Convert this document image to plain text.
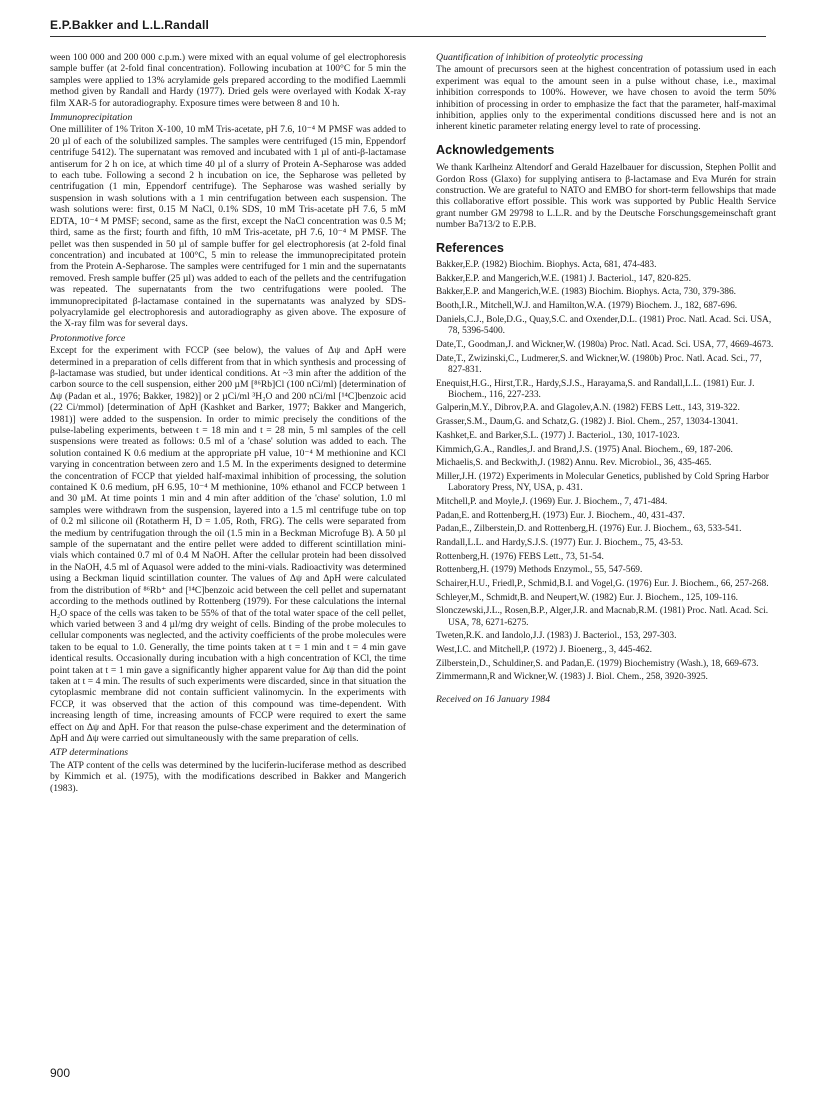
E.P.Bakker and L.L.Randall

ween 100 000 and 200 000 c.p.m.) were mixed with an equal volume of gel electrophoresis sample buffer (at 2-fold final concentration). Following incubation at 100°C for 5 min the samples were applied to 13% acrylamide gels prepared according to the modified Laemmli method given by Randall and Hardy (1977). Dried gels were overlayed with Kodak X-ray film XAR-5 for autoradiography. Exposure times were between 8 and 10 h.

Immunoprecipitation

One milliliter of 1% Triton X-100, 10 mM Tris-acetate, pH 7.6, 10⁻⁴ M PMSF was added to 20 µl of each of the solubilized samples. The samples were centrifuged (15 min, Eppendorf centrifuge 5412). The supernatant was removed and incubated with 1 µl of anti-β-lactamase antiserum for 2 h on ice, at which time 40 µl of a slurry of Protein A-Sepharose was added to each tube. Following a second 2 h incubation on ice, the Sepharose was pelleted by centrifugation (1 min, Eppendorf centrifuge). The Sepharose was washed serially by suspension in wash solutions with a 1 min centrifugation between each suspension. The wash solutions were: first, 0.15 M NaCl, 0.1% SDS, 10 mM Tris-acetate pH 7.6, 5 mM EDTA, 10⁻⁴ M PMSF; second, same as the first, except the NaCl concentration was 0.5 M; third, same as the first; fourth and fifth, 10 mM Tris-acetate, pH 7.6, 10⁻⁴ M PMSF. The pellet was then suspended in 50 µl of sample buffer for gel electrophoresis (at 2-fold final concentration) and incubated at 100°C, 5 min to release the immunoprecipitated protein from the Protein A-Sepharose. The samples were centrifuged for 1 min and the supernatants removed. Fresh sample buffer (25 µl) was added to each of the pellets and the centrifugation was repeated. The supernatants from the two centrifugations were pooled. The immunoprecipitated β-lactamase contained in the supernatants was analyzed by SDS-polyacrylamide gel electrophoresis and autoradiography as given above. The exposure of the X-ray film was for several days.

Protonmotive force

Except for the experiment with FCCP (see below), the values of Δψ and ΔpH were determined in a preparation of cells different from that in which synthesis and processing of β-lactamase was studied, but under identical conditions. At ~3 min after the addition of the carbon source to the cell suspension, either 200 µM [⁸⁶Rb]Cl (100 nCi/ml) [determination of Δψ (Padan et al., 1976; Bakker, 1982)] or 2 µCi/ml ³H₂O and 200 nCi/ml [¹⁴C]benzoic acid (22 Ci/mmol) [determination of ΔpH (Kashket and Barker, 1977; Bakker and Mangerich, 1981)] were added to the suspension. In order to mimic precisely the conditions of the pulse-labeling experiments, between t = 18 min and t = 28 min, 5 ml samples of the cell suspensions were treated as follows: 0.5 ml of a 'chase' solution was added to each. The solution contained K 0.6 medium at the appropriate pH value, 10⁻⁴ M methionine and KCl varying in concentration between zero and 1.5 M. In the experiments designed to determine the concentration of FCCP that yielded half-maximal inhibition of processing, the solution contained K 0.6 medium, pH 6.95, 10⁻⁴ M methionine, 10% ethanol and FCCP between 1 and 30 µM. At time points 1 min and 4 min after addition of the 'chase' solution, 1.0 ml samples were withdrawn from the suspension, layered into a 1.5 ml centrifuge tube on top of 0.2 ml silicone oil (Rotatherm H, D = 1.05, Roth, FRG). The cells were separated from the medium by centrifugation through the oil (1.5 min in a Beckman Microfuge B). A 50 µl sample of the supernatant and the entire pellet were added to different scintillation mini-vials which contained 0.7 ml of 0.4 M NaOH. After the cellular protein had been dissolved in the NaOH, 4.5 ml of Aquasol were added to the mini-vials. Radioactivity was determined using a Beckman liquid scintillation counter. The values of Δψ and ΔpH were calculated from the distribution of ⁸⁶Rb⁺ and [¹⁴C]benzoic acid between the cell pellet and supernatant according to the methods outlined by Rottenberg (1979). For these calculations the internal H₂O space of the cells was taken to be 55% of that of the total water space of the cell pellet, which varied between 3 and 4 µl/mg dry weight of cells. Binding of the probe molecules to cellular components was neglected, and the activity coefficients of the probe molecules were taken to be equal to 1.0. Generally, the time points taken at t = 1 min and t = 4 min gave identical results. Occasionally during incubation with a high concentration of KCl, the time point taken at t = 1 min gave a significantly higher apparent value for Δψ than did the point taken at t = 4 min. The results of such experiments were discarded, since in that situation the cytoplasmic membrane did not contain sufficient valinomycin. In the experiments with FCCP, it was observed that the action of this compound was time-dependent. With increasing length of time, increasing amounts of FCCP were required to exert the same effect on Δψ and ΔpH. For that reason the pulse-chase experiment and the determination of ΔpH and Δψ were carried out simultaneously with the same preparation of cells.

ATP determinations

The ATP content of the cells was determined by the luciferin-luciferase method as described by Kimmich et al. (1975), with the modifications described in Bakker and Mangerich (1983).

Quantification of inhibition of proteolytic processing

The amount of precursors seen at the highest concentration of potassium used in each experiment was equal to the amount seen in a pulse without chase, i.e., maximal inhibition corresponds to 100%. However, we have chosen to avoid the term 50% inhibition of processing in order to emphasize the fact that the parameter, half-maximal inhibition, applies only to the experimental conditions discussed here and is not an inherent kinetic parameter relating energy level to rate of processing.

Acknowledgements

We thank Karlheinz Altendorf and Gerald Hazelbauer for discussion, Stephen Pollit and Gordon Ross (Glaxo) for supplying antisera to β-lactamase and Eva Murén for strain construction. We are grateful to NATO and EMBO for short-term fellowships that made this collaborative effort possible. This work was supported by Public Health Service grant number GM 29798 to L.L.R. and by the Deutsche Forschungsgemeinschaft grant number Ba713/2 to E.P.B.

References
Bakker,E.P. (1982) Biochim. Biophys. Acta, 681, 474-483.
Bakker,E.P. and Mangerich,W.E. (1981) J. Bacteriol., 147, 820-825.
Bakker,E.P. and Mangerich,W.E. (1983) Biochim. Biophys. Acta, 730, 379-386.
Booth,I.R., Mitchell,W.J. and Hamilton,W.A. (1979) Biochem. J., 182, 687-696.
Daniels,C.J., Bole,D.G., Quay,S.C. and Oxender,D.L. (1981) Proc. Natl. Acad. Sci. USA, 78, 5396-5400.
Date,T., Goodman,J. and Wickner,W. (1980a) Proc. Natl. Acad. Sci. USA, 77, 4669-4673.
Date,T., Zwizinski,C., Ludmerer,S. and Wickner,W. (1980b) Proc. Natl. Acad. Sci., 77, 827-831.
Enequist,H.G., Hirst,T.R., Hardy,S.J.S., Harayama,S. and Randall,L.L. (1981) Eur. J. Biochem., 116, 227-233.
Galperin,M.Y., Dibrov,P.A. and Glagolev,A.N. (1982) FEBS Lett., 143, 319-322.
Grasser,S.M., Daum,G. and Schatz,G. (1982) J. Biol. Chem., 257, 13034-13041.
Kashket,E. and Barker,S.L. (1977) J. Bacteriol., 130, 1017-1023.
Kimmich,G.A., Randles,J. and Brand,J.S. (1975) Anal. Biochem., 69, 187-206.
Michaelis,S. and Beckwith,J. (1982) Annu. Rev. Microbiol., 36, 435-465.
Miller,J.H. (1972) Experiments in Molecular Genetics, published by Cold Spring Harbor Laboratory Press, NY, USA, p. 431.
Mitchell,P. and Moyle,J. (1969) Eur. J. Biochem., 7, 471-484.
Padan,E. and Rottenberg,H. (1973) Eur. J. Biochem., 40, 431-437.
Padan,E., Zilberstein,D. and Rottenberg,H. (1976) Eur. J. Biochem., 63, 533-541.
Randall,L.L. and Hardy,S.J.S. (1977) Eur. J. Biochem., 75, 43-53.
Rottenberg,H. (1976) FEBS Lett., 73, 51-54.
Rottenberg,H. (1979) Methods Enzymol., 55, 547-569.
Schairer,H.U., Friedl,P., Schmid,B.I. and Vogel,G. (1976) Eur. J. Biochem., 66, 257-268.
Schleyer,M., Schmidt,B. and Neupert,W. (1982) Eur. J. Biochem., 125, 109-116.
Slonczewski,J.L., Rosen,B.P., Alger,J.R. and Macnab,R.M. (1981) Proc. Natl. Acad. Sci. USA, 78, 6271-6275.
Tweten,R.K. and Iandolo,J.J. (1983) J. Bacteriol., 153, 297-303.
West,I.C. and Mitchell,P. (1972) J. Bioenerg., 3, 445-462.
Zilberstein,D., Schuldiner,S. and Padan,E. (1979) Biochemistry (Wash.), 18, 669-673.
Zimmermann,R and Wickner,W. (1983) J. Biol. Chem., 258, 3920-3925.
Received on 16 January 1984
900
